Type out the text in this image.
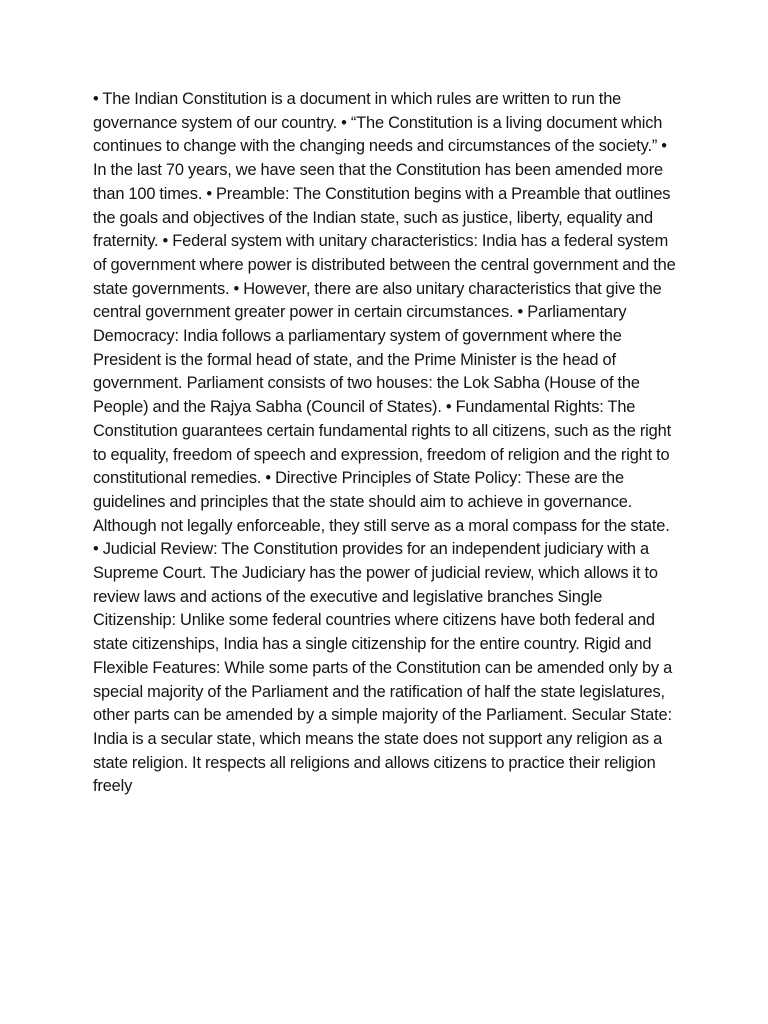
• The Indian Constitution is a document in which rules are written to run the governance system of our country. • “The Constitution is a living document which continues to change with the changing needs and circumstances of the society.” • In the last 70 years, we have seen that the Constitution has been amended more than 100 times. • Preamble: The Constitution begins with a Preamble that outlines the goals and objectives of the Indian state, such as justice, liberty, equality and fraternity. • Federal system with unitary characteristics: India has a federal system of government where power is distributed between the central government and the state governments. • However, there are also unitary characteristics that give the central government greater power in certain circumstances. • Parliamentary Democracy: India follows a parliamentary system of government where the President is the formal head of state, and the Prime Minister is the head of government. Parliament consists of two houses: the Lok Sabha (House of the People) and the Rajya Sabha (Council of States). • Fundamental Rights: The Constitution guarantees certain fundamental rights to all citizens, such as the right to equality, freedom of speech and expression, freedom of religion and the right to constitutional remedies. • Directive Principles of State Policy: These are the guidelines and principles that the state should aim to achieve in governance. Although not legally enforceable, they still serve as a moral compass for the state. • Judicial Review: The Constitution provides for an independent judiciary with a Supreme Court. The Judiciary has the power of judicial review, which allows it to review laws and actions of the executive and legislative branches Single Citizenship: Unlike some federal countries where citizens have both federal and state citizenships, India has a single citizenship for the entire country. Rigid and Flexible Features: While some parts of the Constitution can be amended only by a special majority of the Parliament and the ratification of half the state legislatures, other parts can be amended by a simple majority of the Parliament. Secular State: India is a secular state, which means the state does not support any religion as a state religion. It respects all religions and allows citizens to practice their religion freely
